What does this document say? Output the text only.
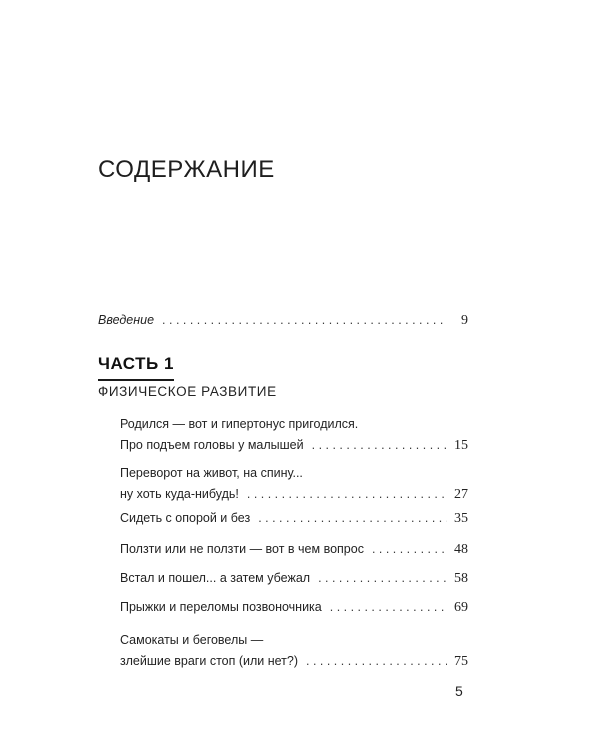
СОДЕРЖАНИЕ
Введение . . .	9
ЧАСТЬ 1
ФИЗИЧЕСКОЕ РАЗВИТИЕ
Родился — вот и гипертонус пригодился.
Про подъем головы у малышей . . .	15
Переворот на живот, на спину...
ну хоть куда-нибудь! . . .	27
Сидеть с опорой и без . . .	35
Ползти или не ползти — вот в чем вопрос . . .	48
Встал и пошел... а затем убежал . . .	58
Прыжки и переломы позвоночника . . .	69
Самокаты и беговелы —
злейшие враги стоп (или нет?) . . .	75
5
